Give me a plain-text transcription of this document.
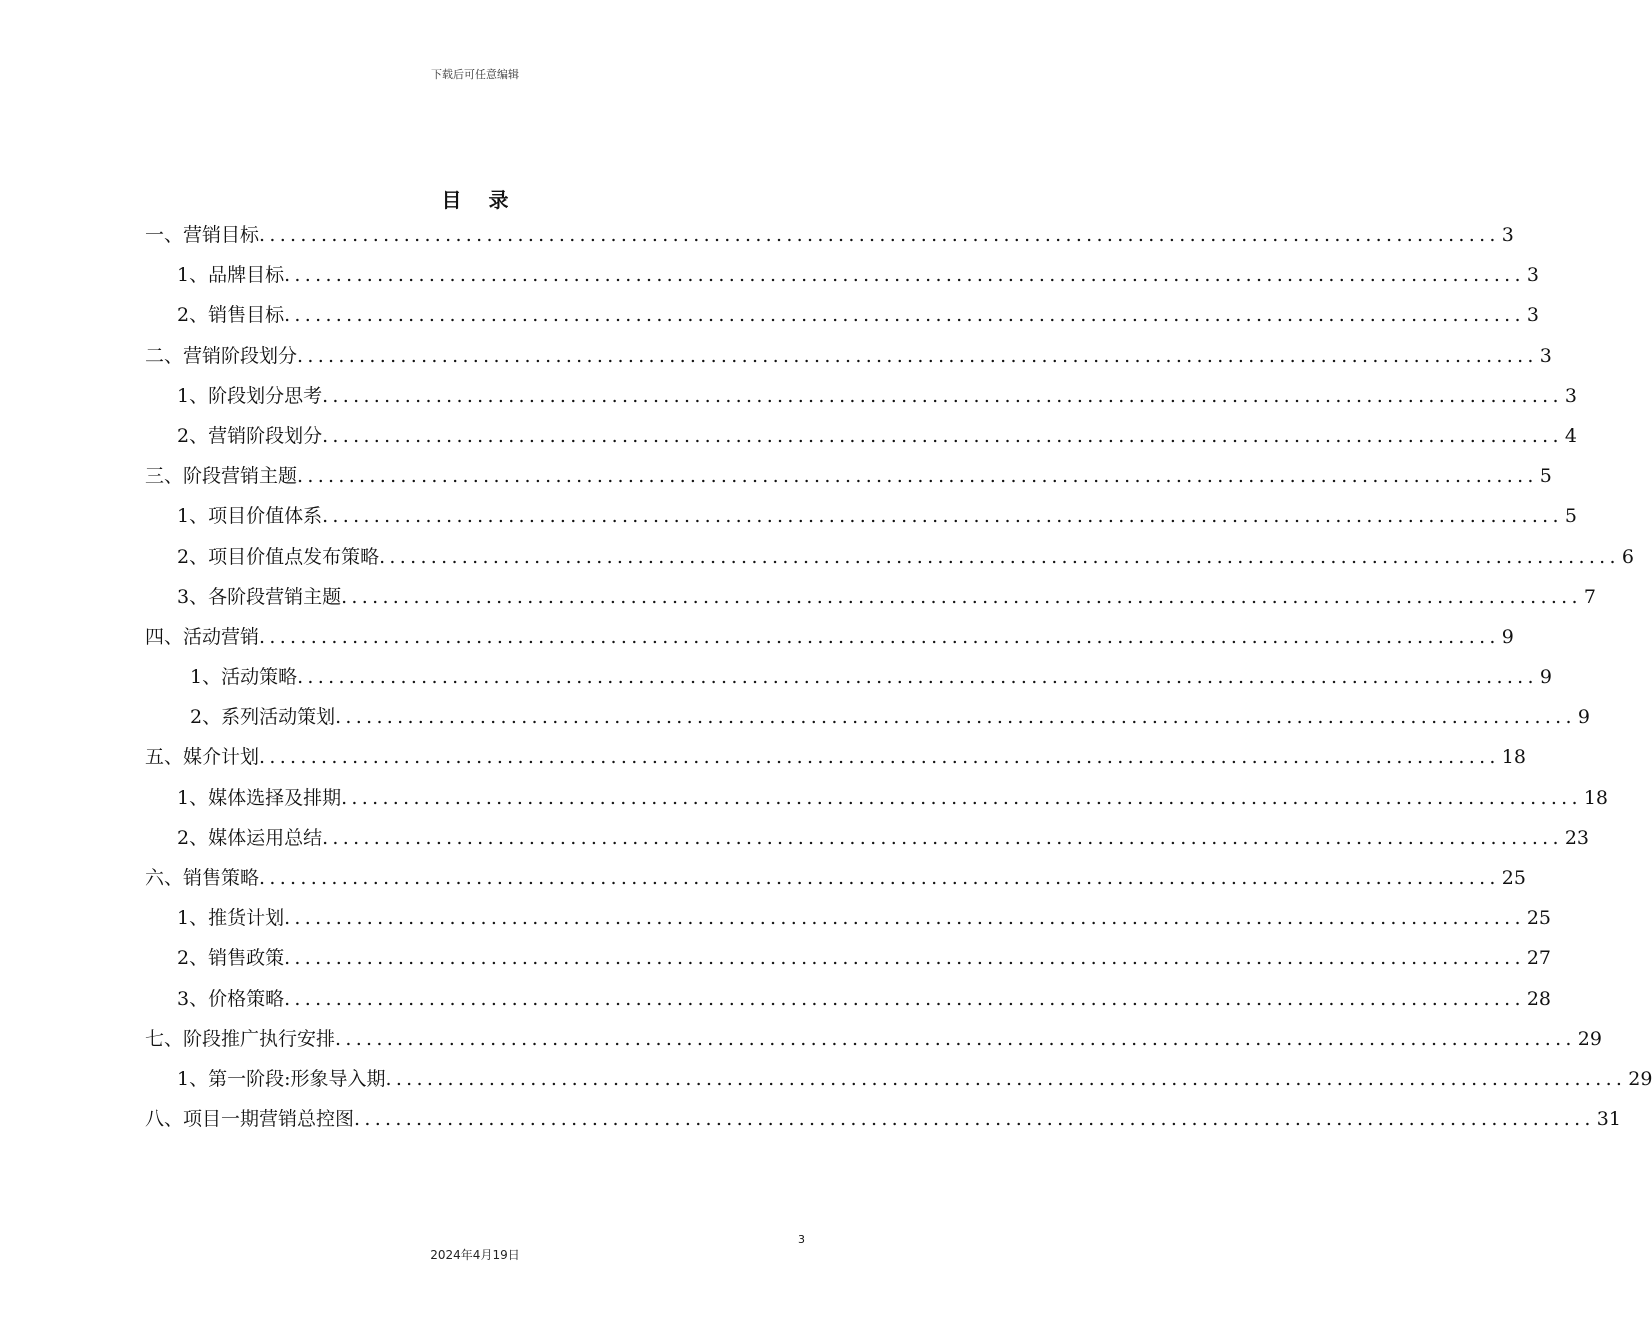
下载后可任意编辑
目 录
一、营销目标 ........................................................................................................................ 3
1、品牌目标 ........................................................................................................................ 3
2、销售目标 ........................................................................................................................ 3
二、营销阶段划分 ........................................................................................................................ 3
1、阶段划分思考 ........................................................................................................................ 3
2、营销阶段划分 ........................................................................................................................ 4
三、阶段营销主题 ........................................................................................................................ 5
1、项目价值体系 ........................................................................................................................ 5
2、项目价值点发布策略 ........................................................................................................................ 6
3、各阶段营销主题 ........................................................................................................................ 7
四、活动营销 ........................................................................................................................ 9
1、活动策略 ........................................................................................................................ 9
2、系列活动策划 ........................................................................................................................ 9
五、媒介计划 ........................................................................................................................ 18
1、媒体选择及排期 ........................................................................................................................ 18
2、媒体运用总结 ........................................................................................................................ 23
六、销售策略 ........................................................................................................................ 25
1、推货计划 ........................................................................................................................ 25
2、销售政策 ........................................................................................................................ 27
3、价格策略 ........................................................................................................................ 28
七、阶段推广执行安排 ........................................................................................................................ 29
1、第一阶段:形象导入期 ........................................................................................................................ 29
八、项目一期营销总控图 ........................................................................................................................ 31
3
2024年4月19日
